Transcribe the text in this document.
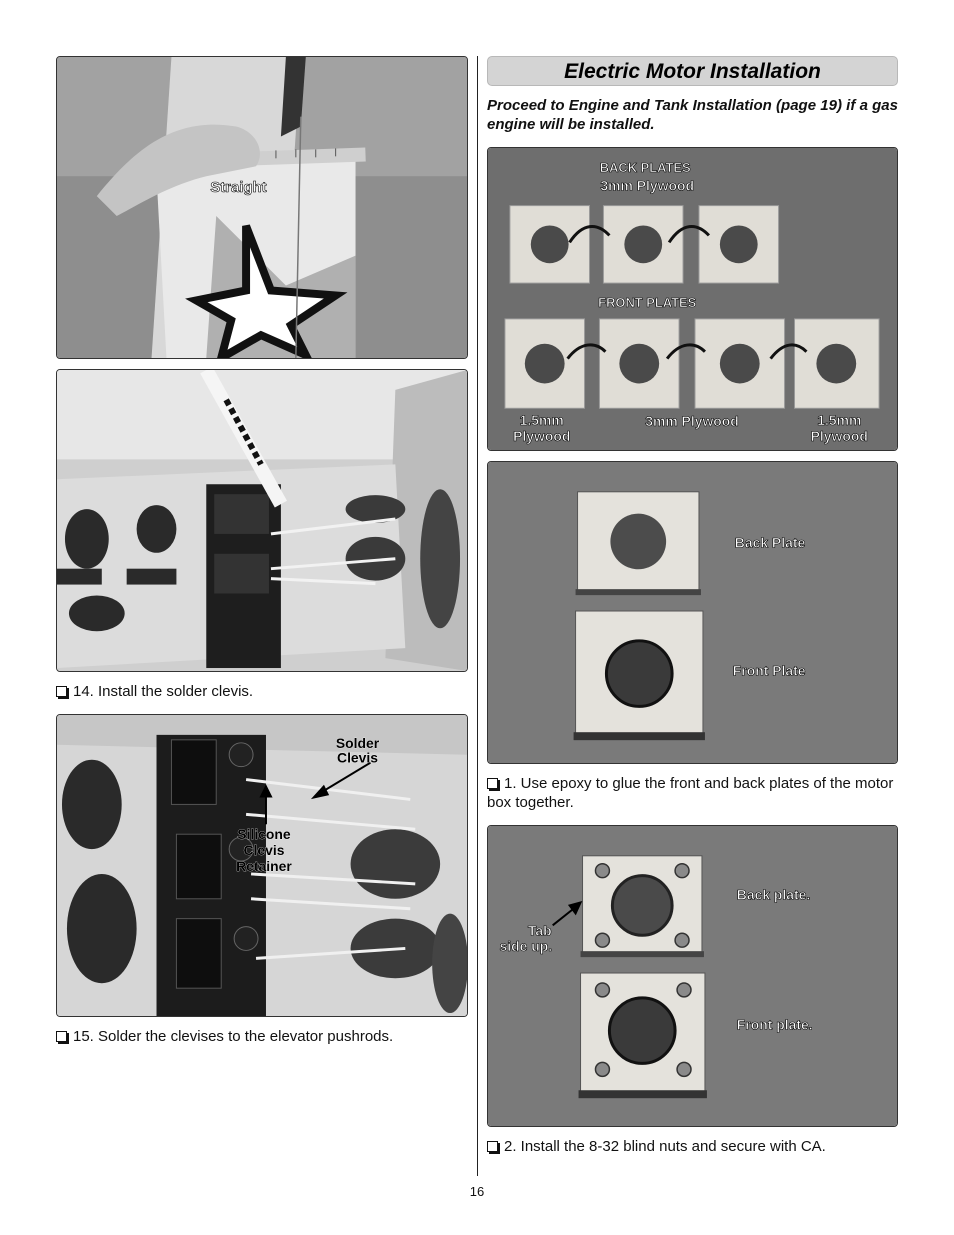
Straight
14. Install the solder clevis.
Solder
Clevis
Silicone
Clevis
Retainer
15. Solder the clevises to the elevator pushrods.
Electric Motor Installation
Proceed to Engine and Tank Installation (page 19) if a gas engine will be installed.
BACK PLATES
3mm Plywood
FRONT PLATES
1.5mm
Plywood
3mm Plywood	1.5mm
Plywood
Back Plate
Front Plate
1. Use epoxy to glue the front and back plates of the motor box together.
Back plate.
Front plate.
Tab
side up.
2. Install the 8-32 blind nuts and secure with CA.
16
